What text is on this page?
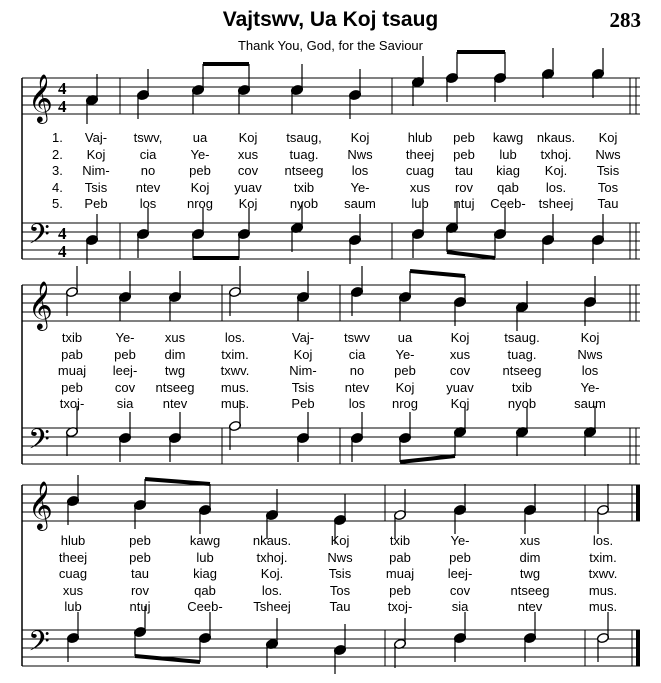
Vajtswv, Ua Koj tsaug
Thank You, God, for the Saviour
283
𝄞
𝄢
4
4
4
4
𝄞
𝄢
𝄞
𝄢
1. Vaj- tswv, ua Koj tsaug, Koj	hlub peb kawg nkaus. Koj
2. Koj	cia	Ye- xus tuag. Nws	theej peb lub txhoj. Nws
3. Nim- no	peb cov ntseeg los	cuag tau kiag Koj. Tsis
4. Tsis ntev Koj yuav txib	Ye-	xus rov qab los. Tos
5. Peb los nrog Koj	nyob saum	lub ntuj Ceeb- tsheej Tau
txib	Ye- xus	los.	Vaj- tswv ua	Koj	tsaug.	Koj
pab peb dim	txim.	Koj	cia Ye-	xus	tuag.	Nws
muaj leej- twg	txwv.	Nim-	no peb	cov ntseeg	los
peb cov ntseeg mus.	Tsis ntev Koj yuav	txib	Ye-
txoj- sia ntev	mus.	Peb	los nrog	Koj	nyob	saum
hlub	peb	kawg	nkaus.	Koj	txib	Ye-	xus	los.
theej	peb	lub	txhoj.	Nws	pab	peb	dim	txim.
cuag	tau	kiag	Koj.	Tsis	muaj	leej-	twg	txwv.
xus	rov	qab	los.	Tos	peb	cov	ntseeg	mus.
lub	ntuj	Ceeb- Tsheej	Tau	txoj-	sia	ntev	mus.
